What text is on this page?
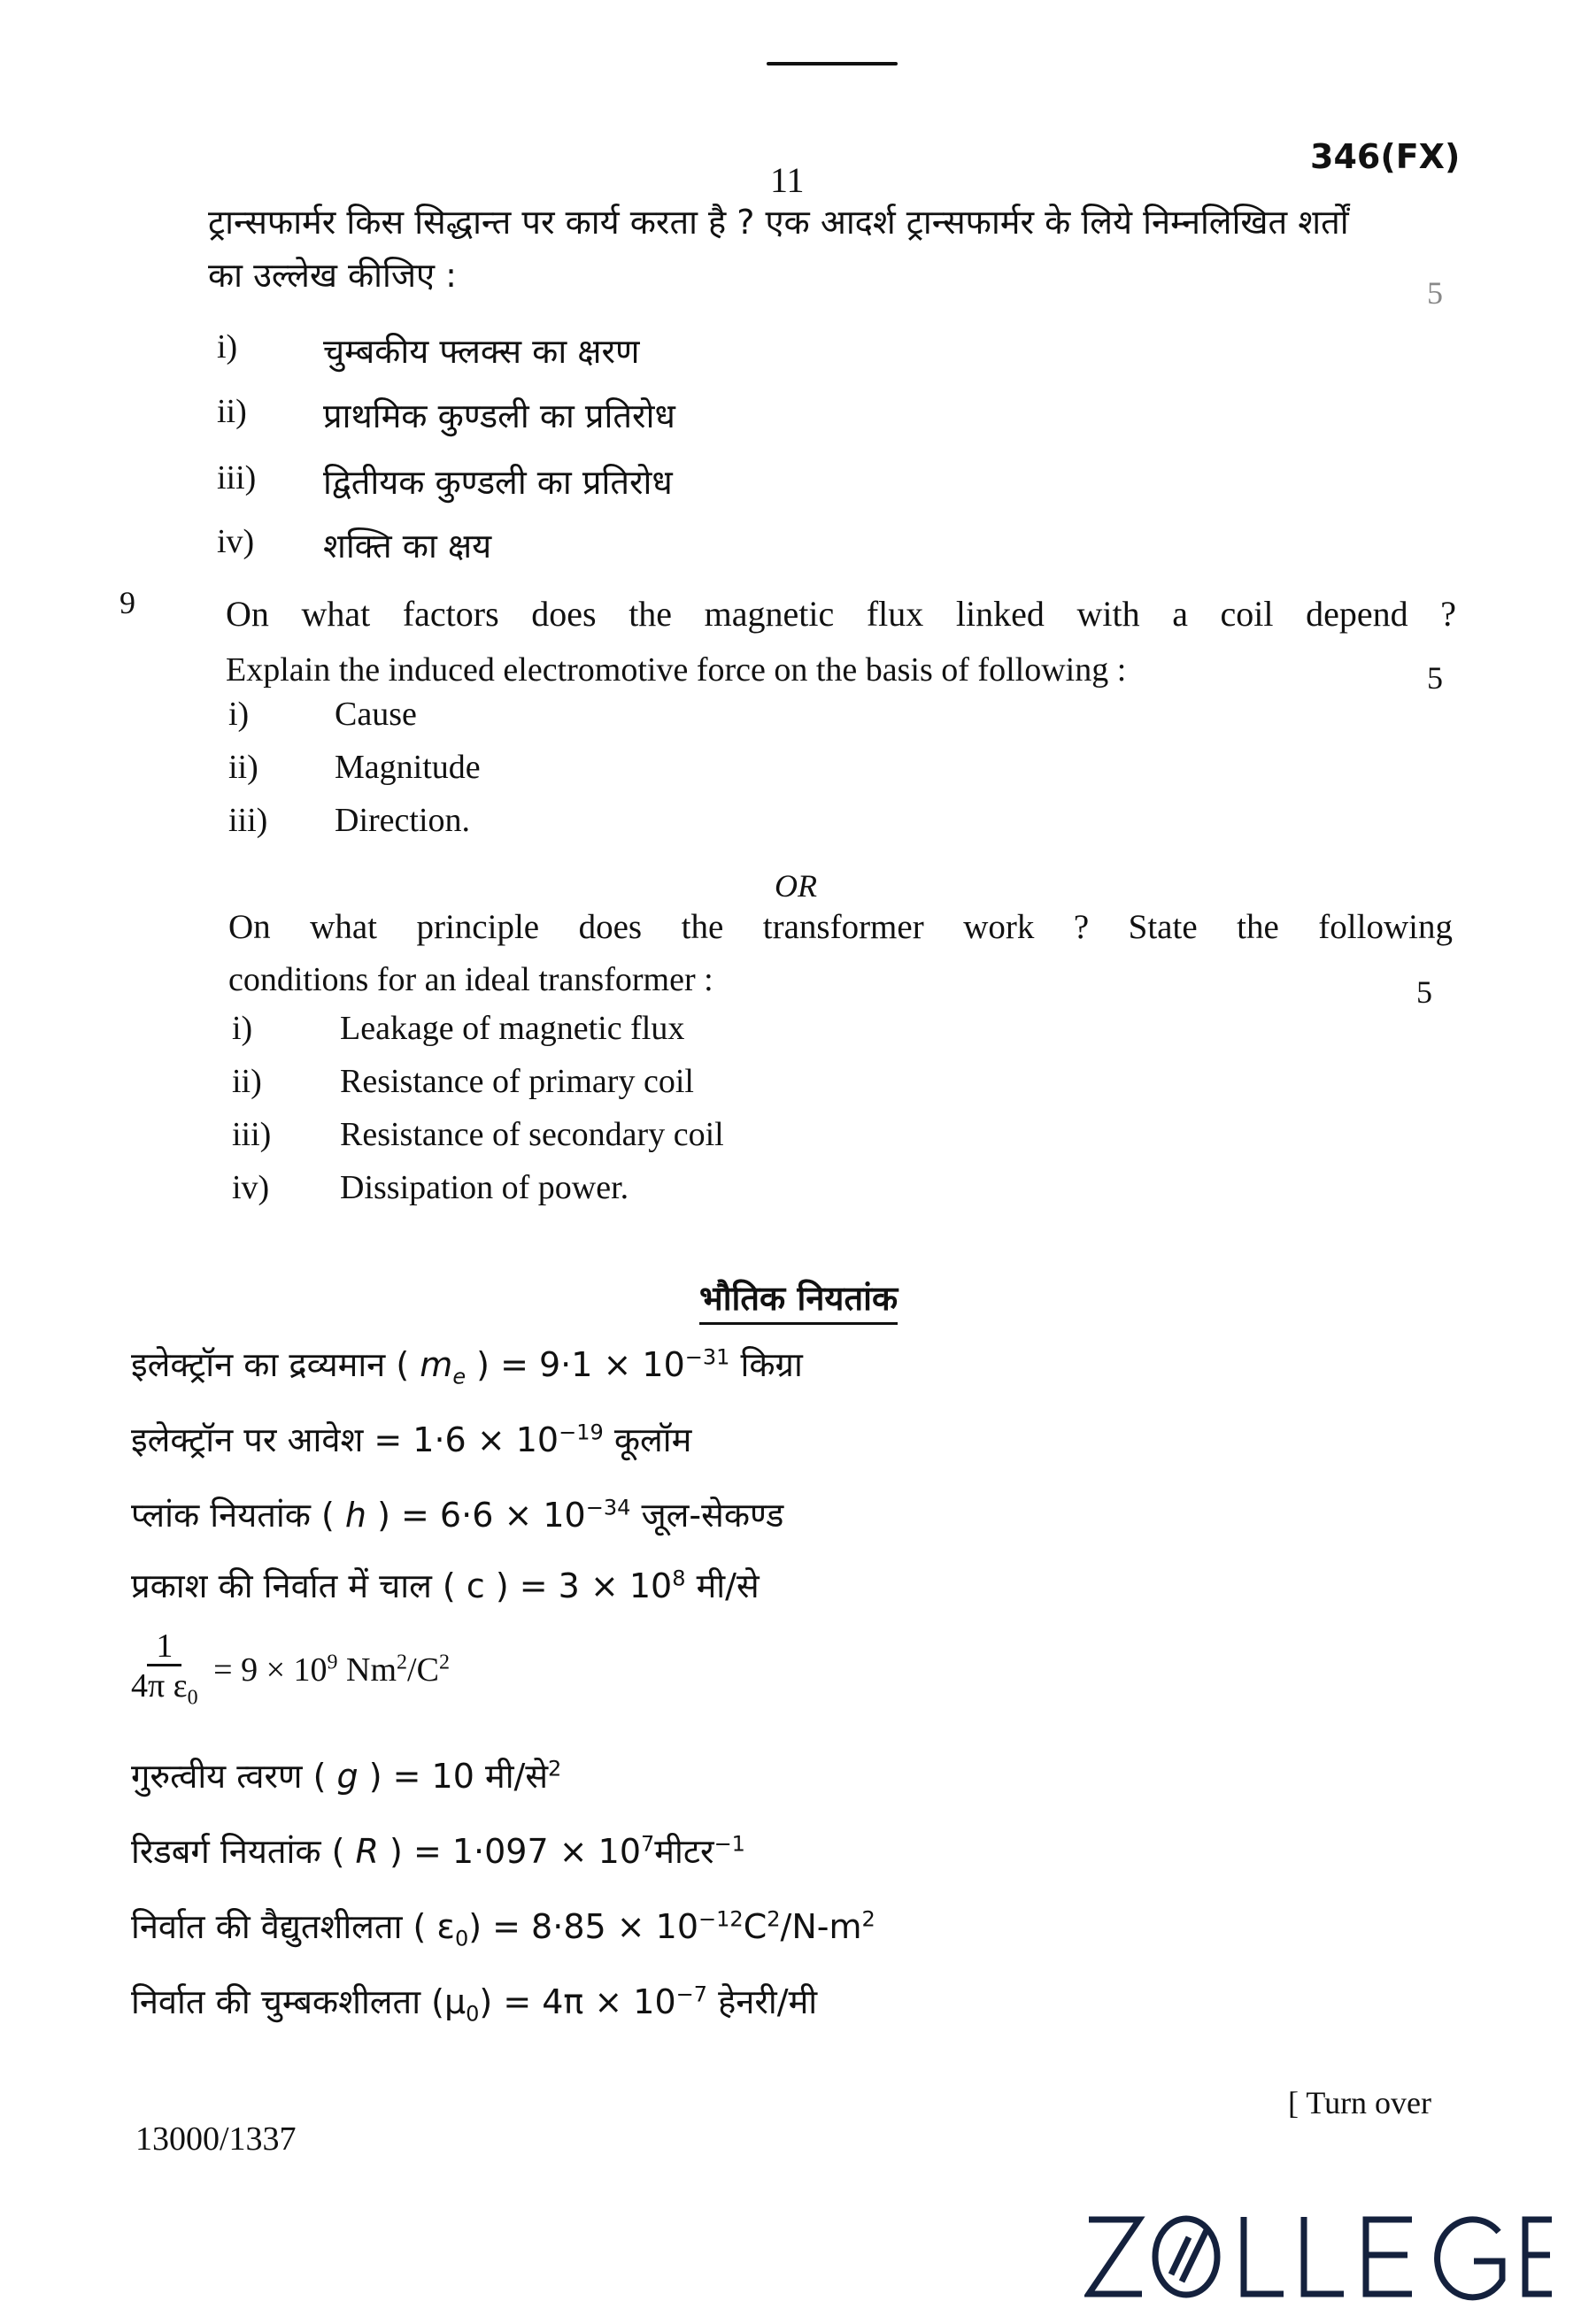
11
346(FX)
ट्रान्सफार्मर किस सिद्धान्त पर कार्य करता है ? एक आदर्श ट्रान्सफार्मर के लिये निम्नलिखित शर्तों
का उल्लेख कीजिए :	5
i)	चुम्बकीय फ्लक्स का क्षरण
ii)	प्राथमिक कुण्डली का प्रतिरोध
iii)	द्वितीयक कुण्डली का प्रतिरोध
iv)	शक्ति का क्षय
9	On what factors does the magnetic flux linked with a coil depend ?
Explain the induced electromotive force on the basis of following :	5
i)	Cause
ii)	Magnitude
iii)	Direction.
OR
On what principle does the transformer work ? State the following
conditions for an ideal transformer :	5
i)	Leakage of magnetic flux
ii)	Resistance of primary coil
iii)	Resistance of secondary coil
iv)	Dissipation of power.
भौतिक नियतांक
इलेक्ट्रॉन का द्रव्यमान ( $m_e$ ) = $9\cdot 1 \times 10^{-31}$ किग्रा
इलेक्ट्रॉन पर आवेश = $1\cdot 6 \times 10^{-19}$ कूलॉम
प्लांक नियतांक ( h ) = $6\cdot 6 \times 10^{-34}$ जूल-सेकण्ड
प्रकाश की निर्वात में चाल ( c ) = $3 \times 10^8$ मी/से
$\frac{1}{4\pi \varepsilon_0} = 9 \times 10^9$ $Nm^2/C^2$
गुरुत्वीय त्वरण ( g ) = 10 मी/से$^2$
रिडबर्ग नियतांक ( R ) = $1\cdot 097 \times 10^7मीटर^{-1}$
निर्वात की वैद्युतशीलता ( $\varepsilon_0) = 8\cdot 85 \times 10^{-12}C^2/N-m^2$
निर्वात की चुम्बकशीलता $(\mu_0) = 4\pi \times 10^{-7}$ हेनरी/मी
13000/1337
[ Turn over
